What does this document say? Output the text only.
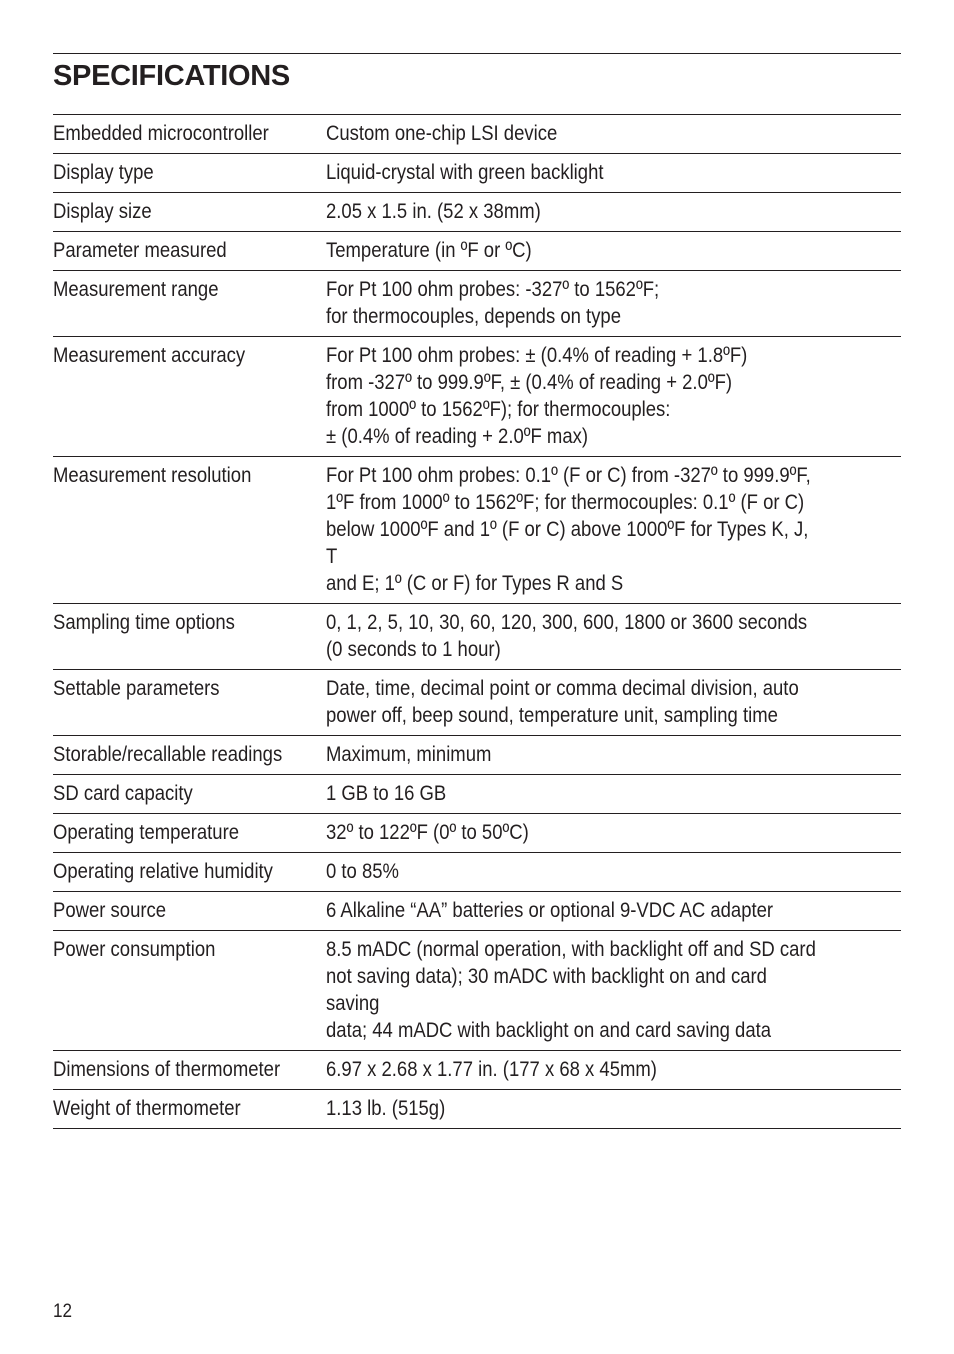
SPECIFICATIONS
Embedded microcontroller	Custom one-chip LSI device
Display type	Liquid-crystal with green backlight
Display size	2.05 x 1.5 in. (52 x 38mm)
Parameter measured	Temperature (in ºF or ºC)
Measurement range	For Pt 100 ohm probes: -327º to 1562ºF;
for thermocouples, depends on type
Measurement accuracy	For Pt 100 ohm probes: ± (0.4% of reading + 1.8ºF)
from -327º to 999.9ºF, ± (0.4% of reading + 2.0ºF)
from 1000º to 1562ºF); for thermocouples:
± (0.4% of reading + 2.0ºF max)
Measurement resolution	For Pt 100 ohm probes: 0.1º (F or C) from -327º to 999.9ºF,
1ºF from 1000º to 1562ºF; for thermocouples: 0.1º (F or C)
below 1000ºF and 1º (F or C) above 1000ºF for Types K, J, T
and E; 1º (C or F) for Types R and S
Sampling time options	0, 1, 2, 5, 10, 30, 60, 120, 300, 600, 1800 or 3600 seconds
(0 seconds to 1 hour)
Settable parameters	Date, time, decimal point or comma decimal division, auto
power off, beep sound, temperature unit, sampling time
Storable/recallable readings	Maximum, minimum
SD card capacity	1 GB to 16 GB
Operating temperature	32º to 122ºF (0º to 50ºC)
Operating relative humidity	0 to 85%
Power source	6 Alkaline “AA” batteries or optional 9-VDC AC adapter
Power consumption	8.5 mADC (normal operation, with backlight off and SD card
not saving data); 30 mADC with backlight on and card saving
data; 44 mADC with backlight on and card saving data
Dimensions of thermometer	6.97 x 2.68 x 1.77 in. (177 x 68 x 45mm)
Weight of thermometer	1.13 lb. (515g)
12
